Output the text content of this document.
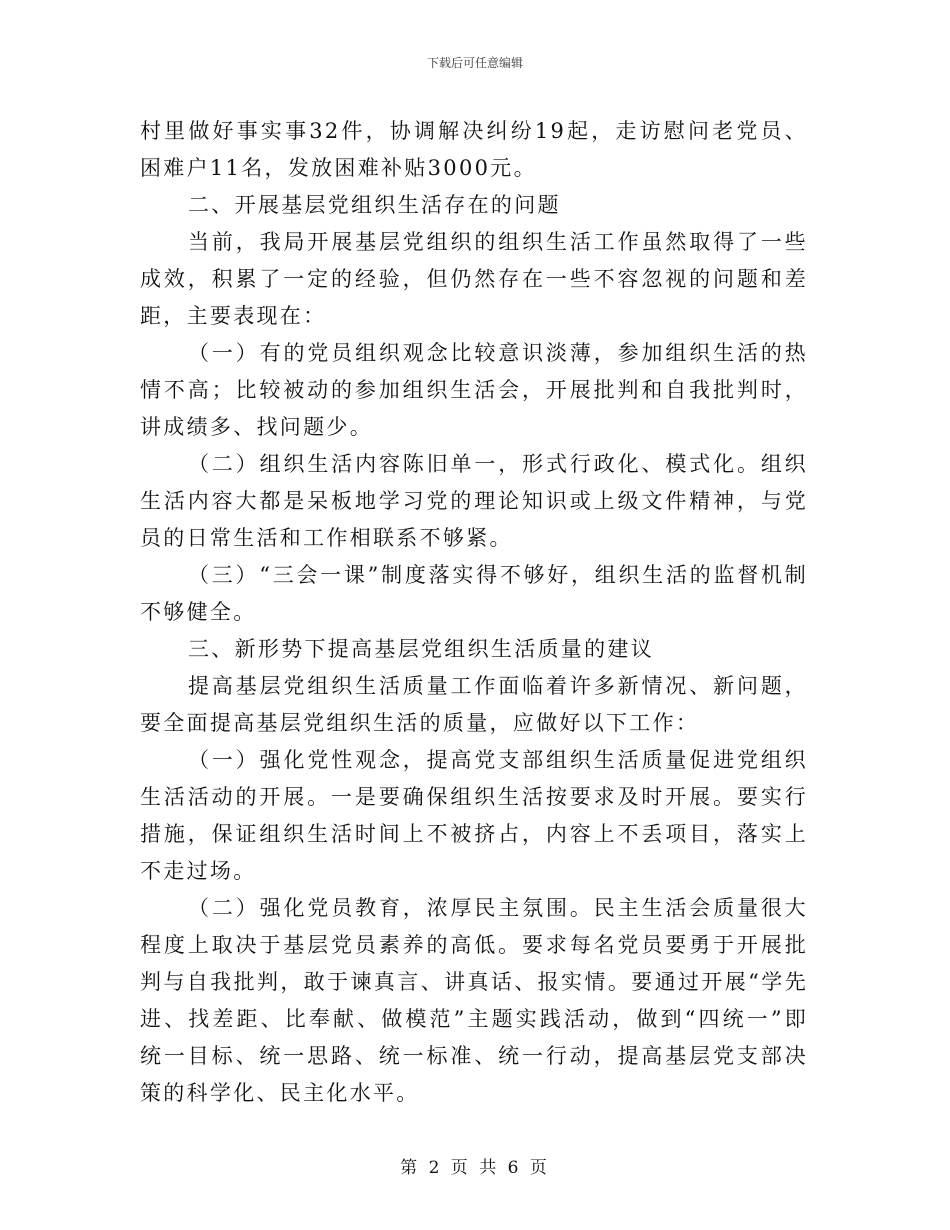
下载后可任意编辑

村里做好事实事32件，协调解决纠纷19起，走访慰问老党员、困难户11名，发放困难补贴3000元。

二、开展基层党组织生活存在的问题

当前，我局开展基层党组织的组织生活工作虽然取得了一些成效，积累了一定的经验，但仍然存在一些不容忽视的问题和差距，主要表现在：

（一）有的党员组织观念比较意识淡薄，参加组织生活的热情不高；比较被动的参加组织生活会，开展批判和自我批判时，讲成绩多、找问题少。

（二）组织生活内容陈旧单一，形式行政化、模式化。组织生活内容大都是呆板地学习党的理论知识或上级文件精神，与党员的日常生活和工作相联系不够紧。

（三）“三会一课”制度落实得不够好，组织生活的监督机制不够健全。

三、新形势下提高基层党组织生活质量的建议

提高基层党组织生活质量工作面临着许多新情况、新问题，要全面提高基层党组织生活的质量，应做好以下工作：

（一）强化党性观念，提高党支部组织生活质量促进党组织生活活动的开展。一是要确保组织生活按要求及时开展。要实行措施，保证组织生活时间上不被挤占，内容上不丢项目，落实上不走过场。

（二）强化党员教育，浓厚民主氛围。民主生活会质量很大程度上取决于基层党员素养的高低。要求每名党员要勇于开展批判与自我批判，敢于谏真言、讲真话、报实情。要通过开展“学先进、找差距、比奉献、做模范”主题实践活动，做到“四统一”即统一目标、统一思路、统一标准、统一行动，提高基层党支部决策的科学化、民主化水平。

第 2 页 共 6 页
